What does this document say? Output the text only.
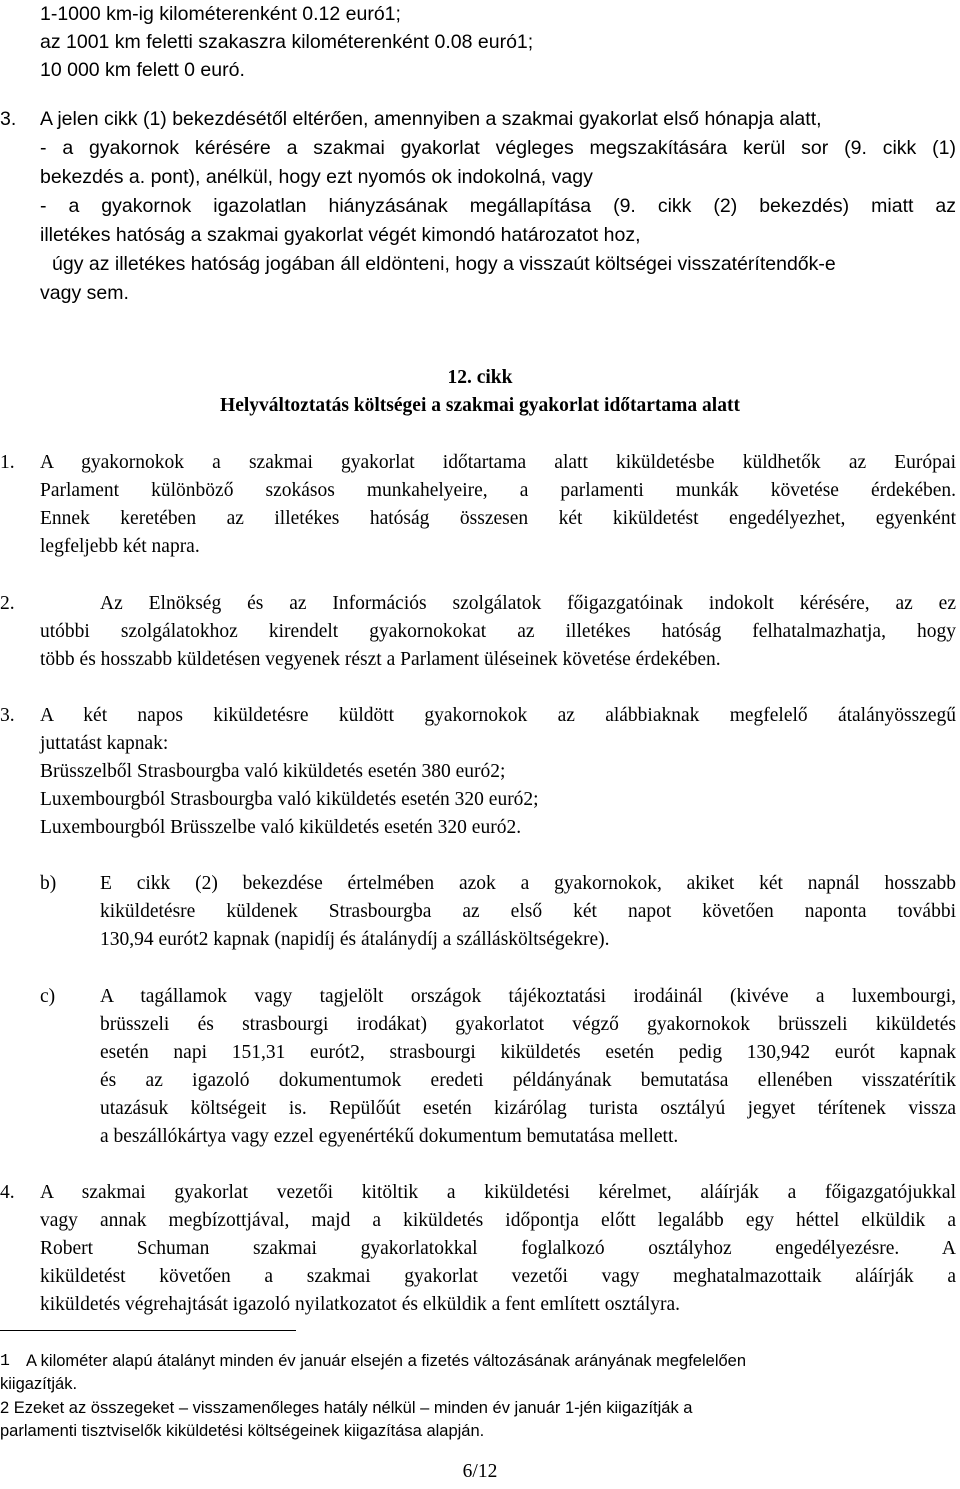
1-1000 km-ig kilométerenként 0.12 euró1;
az 1001 km feletti szakaszra kilométerenként 0.08 euró1;
10 000 km felett 0 euró.
3. A jelen cikk (1) bekezdésétől eltérően, amennyiben a szakmai gyakorlat első hónapja alatt,
- a gyakornok kérésére a szakmai gyakorlat végleges megszakítására kerül sor (9. cikk (1)
bekezdés a. pont), anélkül, hogy ezt nyomós ok indokolná, vagy
- a gyakornok igazolatlan hiányzásának megállapítása (9. cikk (2) bekezdés) miatt az
illetékes hatóság a szakmai gyakorlat végét kimondó határozatot hoz,
úgy az illetékes hatóság jogában áll eldönteni, hogy a visszaút költségei visszatérítendők-e
vagy sem.
12. cikk
Helyváltoztatás költségei a szakmai gyakorlat időtartama alatt
1. A gyakornokok a szakmai gyakorlat időtartama alatt kiküldetésbe küldhetők az Európai
Parlament különböző szokásos munkahelyeire, a parlamenti munkák követése érdekében.
Ennek keretében az illetékes hatóság összesen két kiküldetést engedélyezhet, egyenként
legfeljebb két napra.
2.	Az Elnökség és az Információs szolgálatok főigazgatóinak indokolt kérésére, az ez
utóbbi szolgálatokhoz kirendelt gyakornokokat az illetékes hatóság felhatalmazhatja, hogy
több és hosszabb küldetésen vegyenek részt a Parlament üléseinek követése érdekében.
3. A két napos kiküldetésre küldött gyakornokok az alábbiaknak megfelelő átalányösszegű
juttatást kapnak:
Brüsszelből Strasbourgba való kiküldetés esetén 380 euró2;
Luxembourgból Strasbourgba való kiküldetés esetén 320 euró2;
Luxembourgból Brüsszelbe való kiküldetés esetén 320 euró2.
b) E cikk (2) bekezdése értelmében azok a gyakornokok, akiket két napnál hosszabb
kiküldetésre küldenek Strasbourgba az első két napot követően naponta további
130,94 eurót2 kapnak (napidíj és átalánydíj a szállásköltségekre).
c) A tagállamok vagy tagjelölt országok tájékoztatási irodáinál (kivéve a luxembourgi,
brüsszeli és strasbourgi irodákat) gyakorlatot végző gyakornokok brüsszeli kiküldetés
esetén napi 151,31 eurót2, strasbourgi kiküldetés esetén pedig 130,942 eurót kapnak
és az igazoló dokumentumok eredeti példányának bemutatása ellenében visszatérítik
utazásuk költségeit is. Repülőút esetén kizárólag turista osztályú jegyet térítenek vissza
a beszállókártya vagy ezzel egyenértékű dokumentum bemutatása mellett.
4. A szakmai gyakorlat vezetői kitöltik a kiküldetési kérelmet, aláírják a főigazgatójukkal
vagy annak megbízottjával, majd a kiküldetés időpontja előtt legalább egy héttel elküldik a
Robert Schuman szakmai gyakorlatokkal foglalkozó osztályhoz engedélyezésre. A
kiküldetést követően a szakmai gyakorlat vezetői vagy meghatalmazottaik aláírják a
kiküldetés végrehajtását igazoló nyilatkozatot és elküldik a fent említett osztályra.
1 A kilométer alapú átalányt minden év január elsején a fizetés változásának arányának megfelelően
kiigazítják.
2 Ezeket az összegeket – visszamenőleges hatály nélkül – minden év január 1-jén kiigazítják a
parlamenti tisztviselők kiküldetési költségeinek kiigazítása alapján.
6/12
